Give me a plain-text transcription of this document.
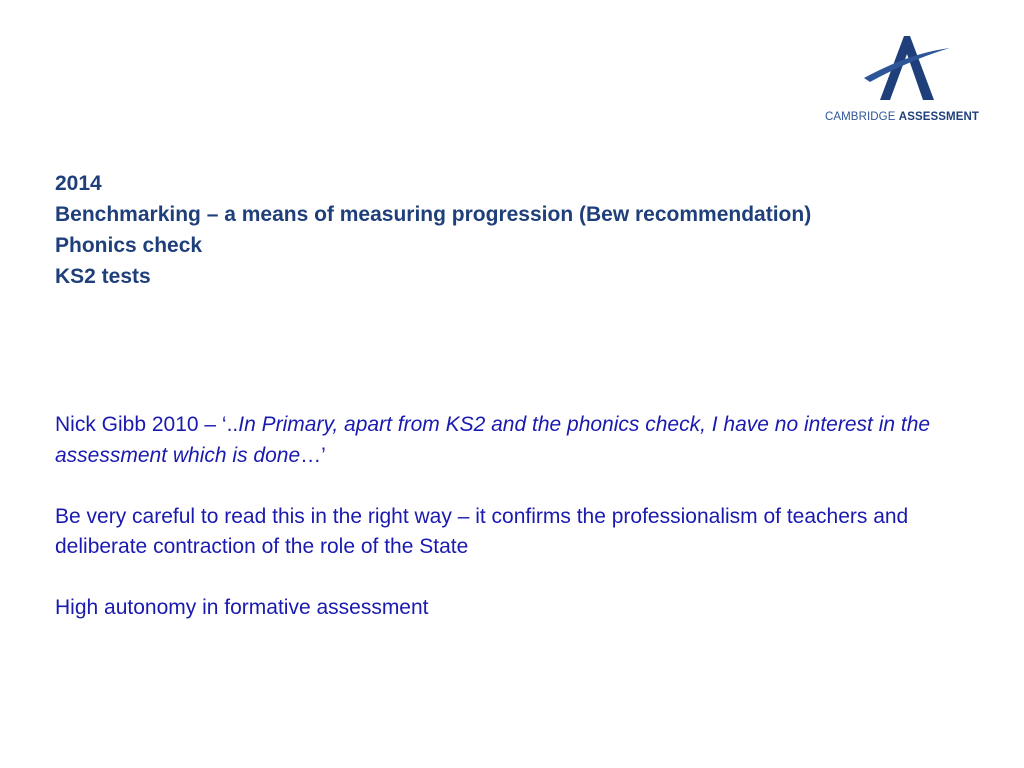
CAMBRIDGE ASSESSMENT
2014
Benchmarking – a means of measuring progression (Bew recommendation)
Phonics check
KS2 tests

Nick Gibb 2010 – ‘..In Primary, apart from KS2 and the phonics check, I have no interest in the assessment which is done…’

Be very careful to read this in the right way – it confirms the professionalism of teachers and deliberate contraction of the role of the State

High autonomy in formative assessment
